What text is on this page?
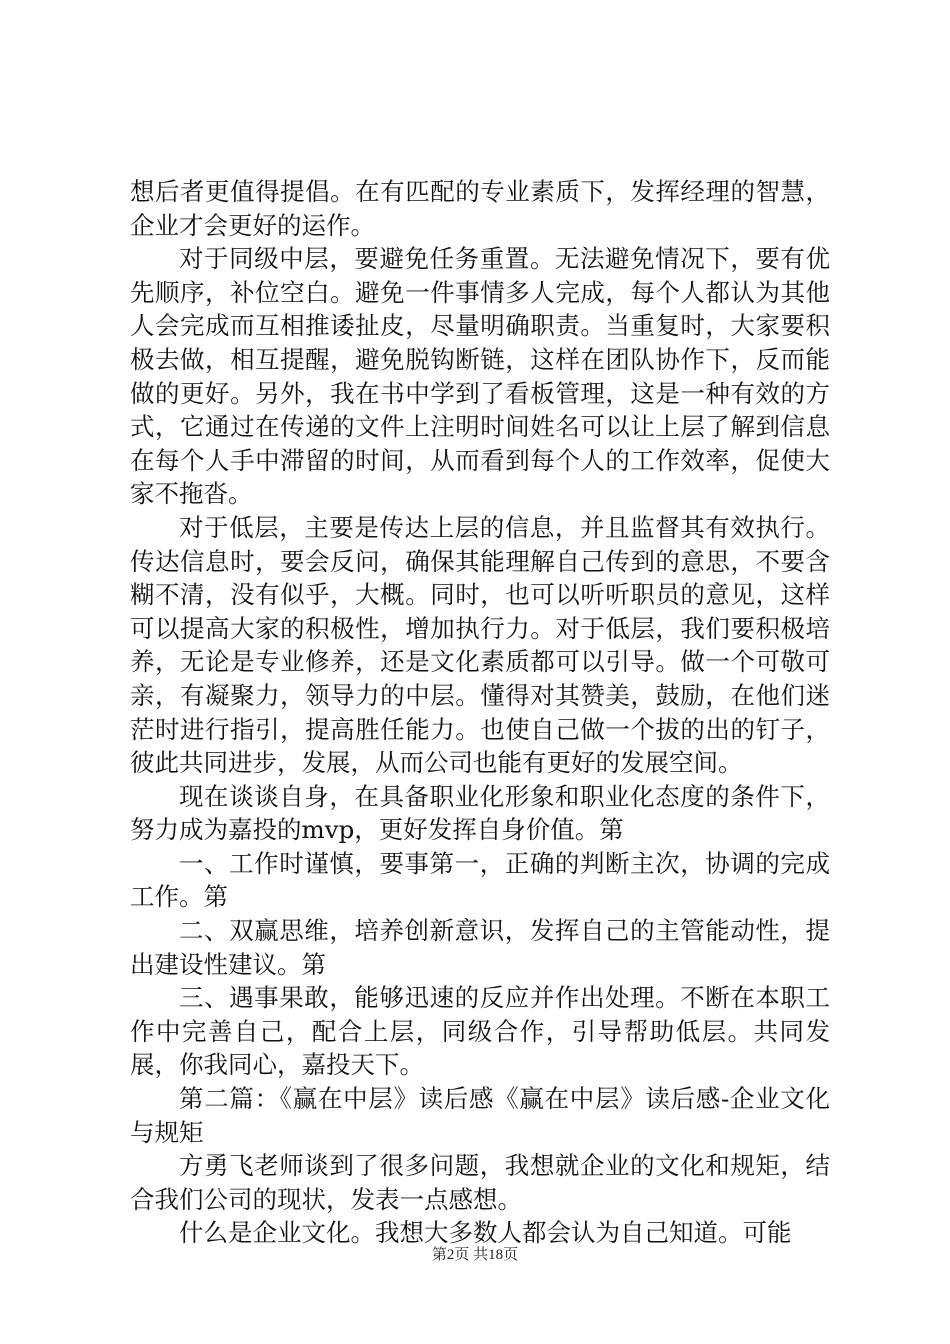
想后者更值得提倡。在有匹配的专业素质下，发挥经理的智慧，企业才会更好的运作。

对于同级中层，要避免任务重置。无法避免情况下，要有优先顺序，补位空白。避免一件事情多人完成，每个人都认为其他人会完成而互相推诿扯皮，尽量明确职责。当重复时，大家要积极去做，相互提醒，避免脱钩断链，这样在团队协作下，反而能做的更好。另外，我在书中学到了看板管理，这是一种有效的方式，它通过在传递的文件上注明时间姓名可以让上层了解到信息在每个人手中滞留的时间，从而看到每个人的工作效率，促使大家不拖沓。

对于低层，主要是传达上层的信息，并且监督其有效执行。传达信息时，要会反问，确保其能理解自己传到的意思，不要含糊不清，没有似乎，大概。同时，也可以听听职员的意见，这样可以提高大家的积极性，增加执行力。对于低层，我们要积极培养，无论是专业修养，还是文化素质都可以引导。做一个可敬可亲，有凝聚力，领导力的中层。懂得对其赞美，鼓励，在他们迷茫时进行指引，提高胜任能力。也使自己做一个拔的出的钉子，彼此共同进步，发展，从而公司也能有更好的发展空间。

现在谈谈自身，在具备职业化形象和职业化态度的条件下，努力成为嘉投的mvp，更好发挥自身价值。第

一、工作时谨慎，要事第一，正确的判断主次，协调的完成工作。第

二、双赢思维，培养创新意识，发挥自己的主管能动性，提出建设性建议。第

三、遇事果敢，能够迅速的反应并作出处理。不断在本职工作中完善自己，配合上层，同级合作，引导帮助低层。共同发展，你我同心，嘉投天下。

第二篇：《赢在中层》读后感《赢在中层》读后感-企业文化与规矩

方勇飞老师谈到了很多问题，我想就企业的文化和规矩，结合我们公司的现状，发表一点感想。

什么是企业文化。我想大多数人都会认为自己知道。可能

第2页 共18页
